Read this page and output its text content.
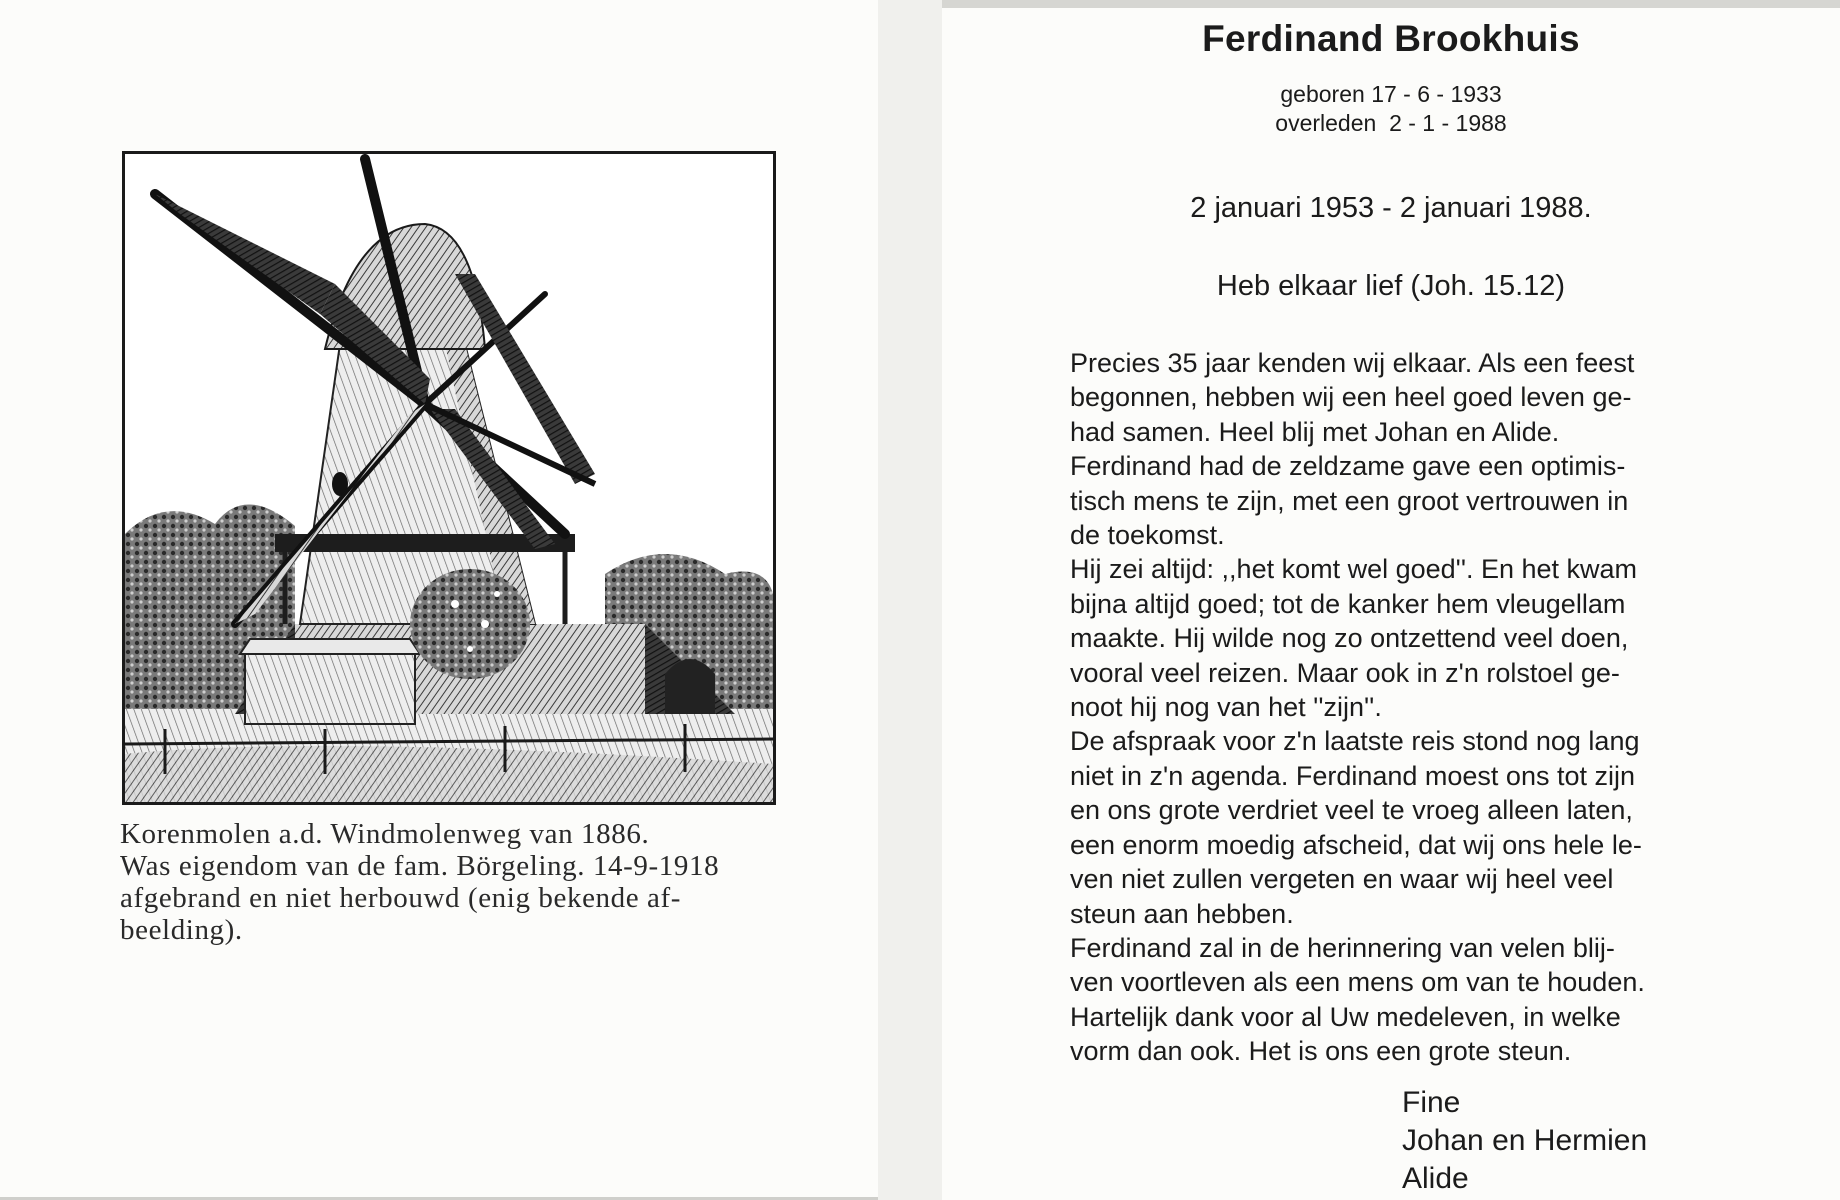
Korenmolen a.d. Windmolenweg van 1886.
Was eigendom van de fam. Börgeling. 14-9-1918
afgebrand en niet herbouwd (enig bekende af-
beelding).
Ferdinand Brookhuis
geboren 17 - 6 - 1933
overleden  2 - 1 - 1988
2 januari 1953 - 2 januari 1988.
Heb elkaar lief (Joh. 15.12)
Precies 35 jaar kenden wij elkaar. Als een feest
begonnen, hebben wij een heel goed leven ge-
had samen. Heel blij met Johan en Alide.
Ferdinand had de zeldzame gave een optimis-
tisch mens te zijn, met een groot vertrouwen in
de toekomst.
Hij zei altijd: ,,het komt wel goed''. En het kwam
bijna altijd goed; tot de kanker hem vleugellam
maakte. Hij wilde nog zo ontzettend veel doen,
vooral veel reizen. Maar ook in z'n rolstoel ge-
noot hij nog van het ''zijn''.
De afspraak voor z'n laatste reis stond nog lang
niet in z'n agenda. Ferdinand moest ons tot zijn
en ons grote verdriet veel te vroeg alleen laten,
een enorm moedig afscheid, dat wij ons hele le-
ven niet zullen vergeten en waar wij heel veel
steun aan hebben.
Ferdinand zal in de herinnering van velen blij-
ven voortleven als een mens om van te houden.
Hartelijk dank voor al Uw medeleven, in welke
vorm dan ook. Het is ons een grote steun.
Fine
Johan en Hermien
Alide
